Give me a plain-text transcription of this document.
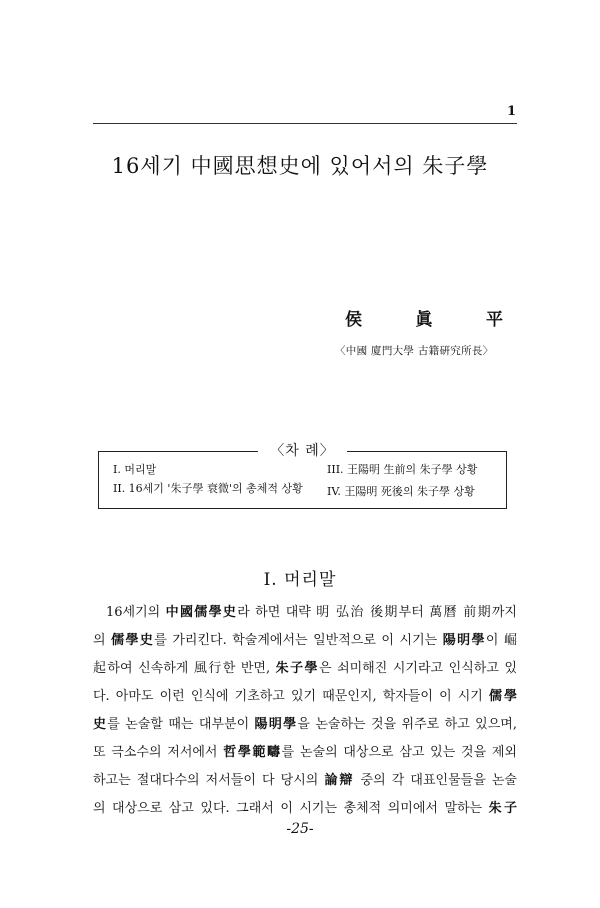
1
16세기 中國思想史에 있어서의 朱子學
侯	眞	平
〈中國 廈門大學 古籍硏究所長〉
〈차 례〉
I. 머리말
II. 16세기 '朱子學 衰微'의 총체적 상황
III. 王陽明 生前의 朱子學 상황
IV. 王陽明 死後의 朱子學 상황
I. 머리말
16세기의 中國儒學史라 하면 대략 明 弘治 後期부터 萬曆 前期까지
의 儒學史를 가리킨다. 학술계에서는 일반적으로 이 시기는 陽明學이 崛
起하여 신속하게 風行한 반면, 朱子學은 쇠미해진 시기라고 인식하고 있
다. 아마도 이런 인식에 기초하고 있기 때문인지, 학자들이 이 시기 儒學
史를 논술할 때는 대부분이 陽明學을 논술하는 것을 위주로 하고 있으며,
또 극소수의 저서에서 哲學範疇를 논술의 대상으로 삼고 있는 것을 제외
하고는 절대다수의 저서들이 다 당시의 論辯 중의 각 대표인물들을 논술
의 대상으로 삼고 있다. 그래서 이 시기는 총체적 의미에서 말하는 朱子
-25-
